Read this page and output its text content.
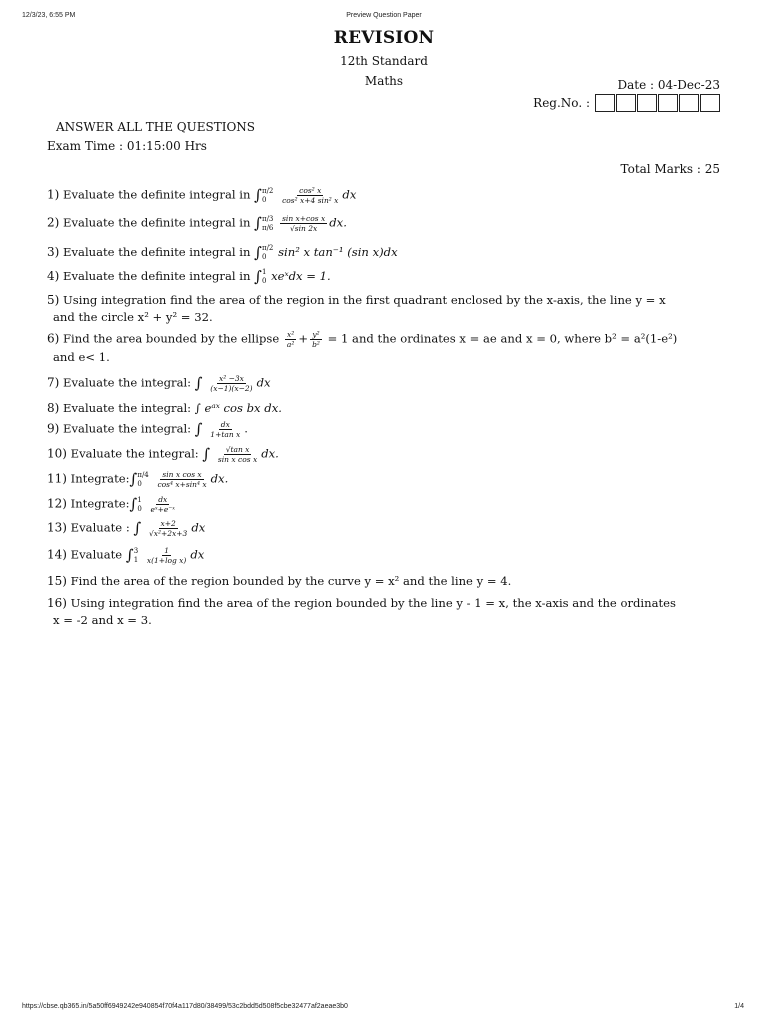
12/3/23, 6:55 PM	Preview Question Paper
https://cbse.qb365.in/5a50ff6949242e940854f70f4a117d80/38499/53c2bdd5d508f5cbe32477af2aeae3b0	1/4
REVISION
12th Standard
Maths	Date : 04-Dec-23
Reg.No. :
ANSWER ALL THE QUESTIONS
Exam Time : 01:15:00 Hrs
Total Marks : 25
1) Evaluate the definite integral in ∫ π/2
0
	$\frac{\text{cos² x}}{\text{cos² x+4 sin² x}}$ dx
2) Evaluate the definite integral in ∫ π/3
π/6
$\frac{\text{sin x+cos x}}{√\sin 2x}$ dx.
3) Evaluate the definite integral in ∫ π/2
0	sin² x tan⁻¹ (sin x)dx
4) Evaluate the definite integral in ∫ 1
0 xeˣdx = 1.
5) Using integration find the area of the region in the first quadrant enclosed by the x-axis, the line y = x
and the circle x² + y² = 32.
6) Find the area bounded by the ellipse $\frac{\text{x²}}{\text{a²}} + \frac{\text{y²}}{\text{b²}} = 1$ and the ordinates x = ae and x = 0, where b² = a²(1-e²)
and e< 1.
7) Evaluate the integral: ∫ $\frac{\text{x² −3x}}{(x-1)(x-2)}$ dx
8) Evaluate the integral: ∫ eᵃˣ cos bx dx.
9) Evaluate the integral: ∫ $\frac{dx}{\text{1+tan x}}$ .
10) Evaluate the integral: ∫ $\frac{\text{√tan x}}{\text{sin x cos x}}$ dx.
11) Integrate:∫ π/4
0
	$\frac{\text{sin x cos x}}{\text{cos⁴ x+sin⁴ x}}$ dx.
12) Integrate:∫ 1
0
$\frac{dx}{\text{eˣ+e⁻ˣ}}$
13) Evaluate : ∫ $\frac{x+2}{\text{√x²+2x+3}}$ dx
14) Evaluate ∫ 3
1
$\frac{1}{\text{x(1+log x)}}$ dx
15) Find the area of the region bounded by the curve y = x² and the line y = 4.
16) Using integration find the area of the region bounded by the line y - 1 = x, the x-axis and the ordinates
x = -2 and x = 3.
